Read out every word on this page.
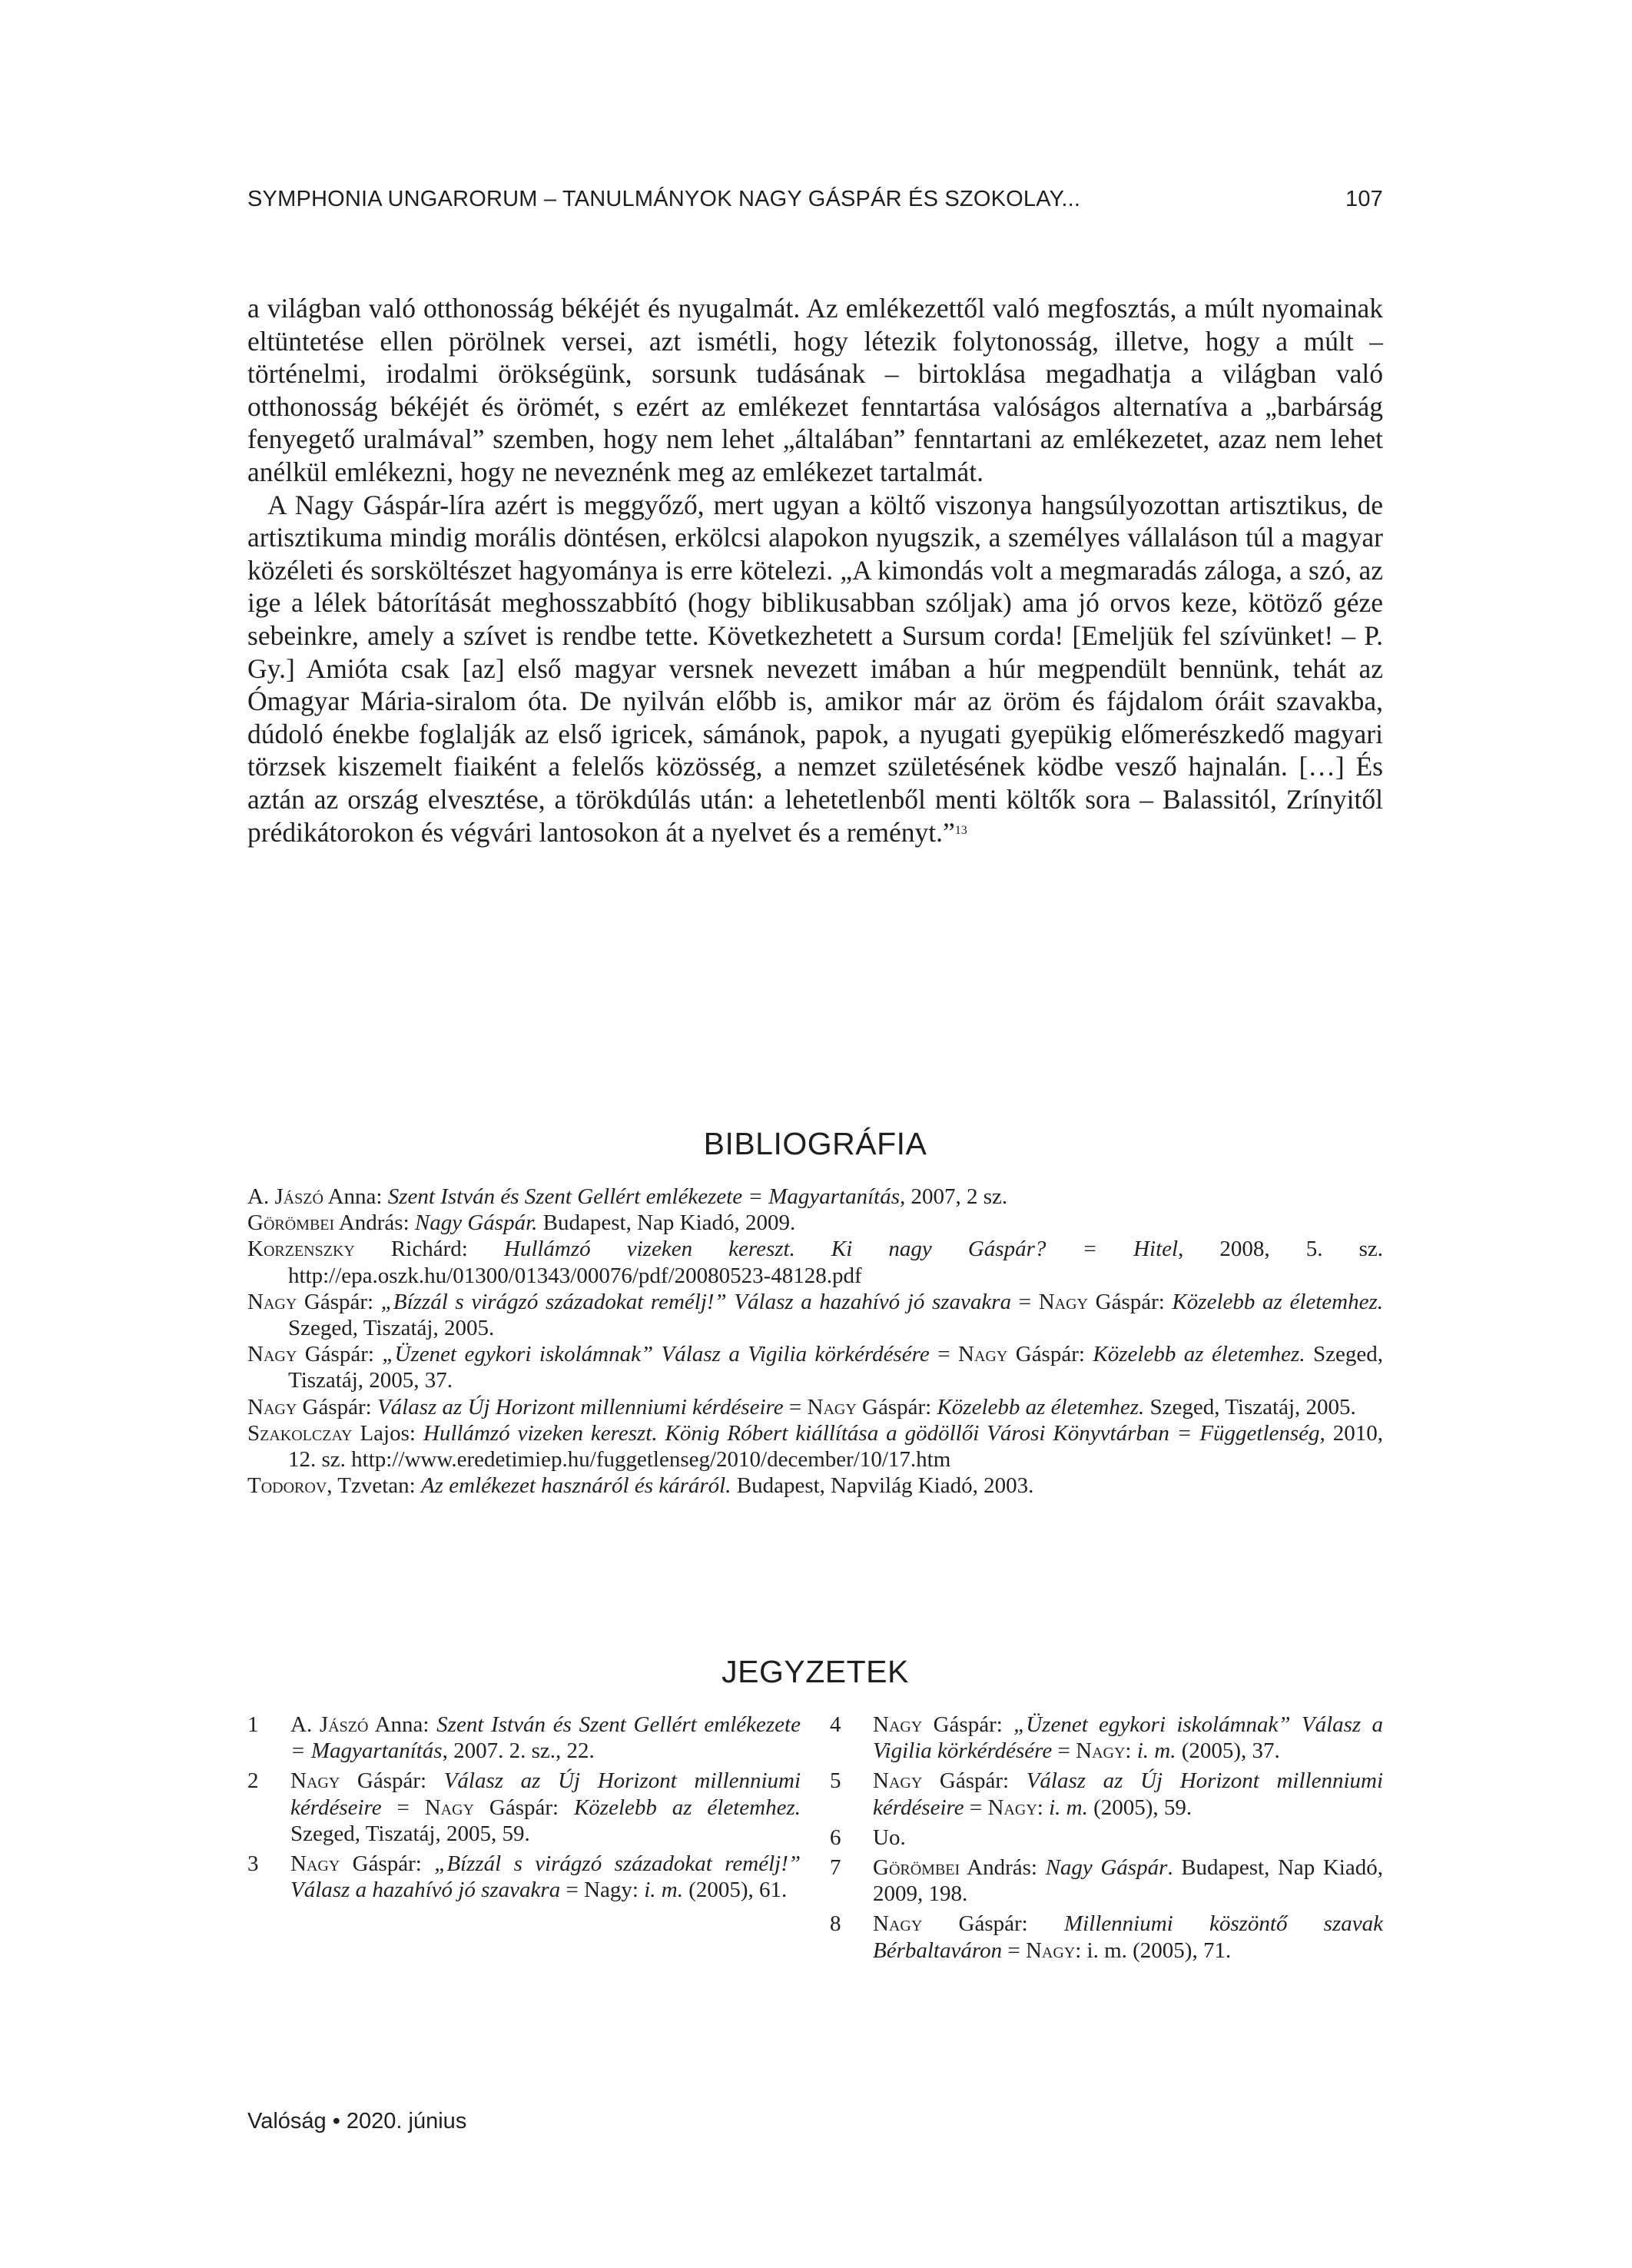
SYMPHONIA UNGARORUM – TANULMÁNYOK NAGY GÁSPÁR ÉS SZOKOLAY...	107

a világban való otthonosság békéjét és nyugalmát. Az emlékezettől való megfosztás, a múlt nyomainak eltüntetése ellen pörölnek versei, azt ismétli, hogy létezik folytonosság, illetve, hogy a múlt – történelmi, irodalmi örökségünk, sorsunk tudásának – birtoklása megadhatja a világban való otthonosság békéjét és örömét, s ezért az emlékezet fenntartása valóságos alternatíva a „barbárság fenyegető uralmával” szemben, hogy nem lehet „általában” fenntartani az emlékezetet, azaz nem lehet anélkül emlékezni, hogy ne neveznénk meg az emlékezet tartalmát.

A Nagy Gáspár-líra azért is meggyőző, mert ugyan a költő viszonya hangsúlyozottan artisztikus, de artisztikuma mindig morális döntésen, erkölcsi alapokon nyugszik, a személyes vállaláson túl a magyar közéleti és sorsköltészet hagyománya is erre kötelezi. „A kimondás volt a megmaradás záloga, a szó, az ige a lélek bátorítását meghosszabbító (hogy biblikusabban szóljak) ama jó orvos keze, kötöző géze sebeinkre, amely a szívet is rendbe tette. Következhetett a Sursum corda! [Emeljük fel szívünket! – P. Gy.] Amióta csak [az] első magyar versnek nevezett imában a húr megpendült bennünk, tehát az Ómagyar Mária-siralom óta. De nyilván előbb is, amikor már az öröm és fájdalom óráit szavakba, dúdoló énekbe foglalják az első igricek, sámánok, papok, a nyugati gyepükig előmerészkedő magyari törzsek kiszemelt fiaiként a felelős közösség, a nemzet születésének ködbe vesző hajnalán. […] És aztán az ország elvesztése, a törökdúlás után: a lehetetlenből menti költők sora – Balassitól, Zrínyitől prédikátorokon és végvári lantosokon át a nyelvet és a reményt.”$^{13}$

BIBLIOGRÁFIA

A. Jászó Anna: Szent István és Szent Gellért emlékezete = Magyartanítás, 2007, 2 sz.

Görömbei András: Nagy Gáspár. Budapest, Nap Kiadó, 2009.

Korzenszky Richárd: Hullámzó vizeken kereszt. Ki nagy Gáspár? = Hitel, 2008, 5. sz. http://epa.oszk.hu/01300/01343/00076/pdf/20080523-48128.pdf

Nagy Gáspár: „Bízzál s virágzó századokat remélj!” Válasz a hazahívó jó szavakra = Nagy Gáspár: Közelebb az életemhez. Szeged, Tiszatáj, 2005.

Nagy Gáspár: „Üzenet egykori iskolámnak” Válasz a Vigilia körkérdésére = Nagy Gáspár: Közelebb az életemhez. Szeged, Tiszatáj, 2005, 37.

Nagy Gáspár: Válasz az Új Horizont millenniumi kérdéseire = Nagy Gáspár: Közelebb az életemhez. Szeged, Tiszatáj, 2005.

Szakolczay Lajos: Hullámzó vizeken kereszt. König Róbert kiállítása a gödöllői Városi Könyvtárban = Függetlenség, 2010, 12. sz. http://www.eredetimiep.hu/fuggetlenseg/2010/december/10/17.htm

Todorov, Tzvetan: Az emlékezet hasznáról és káráról. Budapest, Napvilág Kiadó, 2003.

JEGYZETEK
1 A. Jászó Anna: Szent István és Szent Gellért emlékezete = Magyartanítás, 2007. 2. sz., 22.
2 Nagy Gáspár: Válasz az Új Horizont millenniumi kérdéseire = Nagy Gáspár: Közelebb az életemhez. Szeged, Tiszatáj, 2005, 59.
3 Nagy Gáspár: „Bízzál s virágzó századokat remélj!” Válasz a hazahívó jó szavakra = Nagy: i. m. (2005), 61.
4 Nagy Gáspár: „Üzenet egykori iskolámnak” Válasz a Vigilia körkérdésére = Nagy: i. m. (2005), 37.
5 Nagy Gáspár: Válasz az Új Horizont millenniumi kérdéseire = Nagy: i. m. (2005), 59.
6 Uo.
7 Görömbei András: Nagy Gáspár. Budapest, Nap Kiadó, 2009, 198.
8 Nagy Gáspár: Millenniumi köszöntő szavak Bérbaltaváron = Nagy: i. m. (2005), 71.
Valóság • 2020. június
